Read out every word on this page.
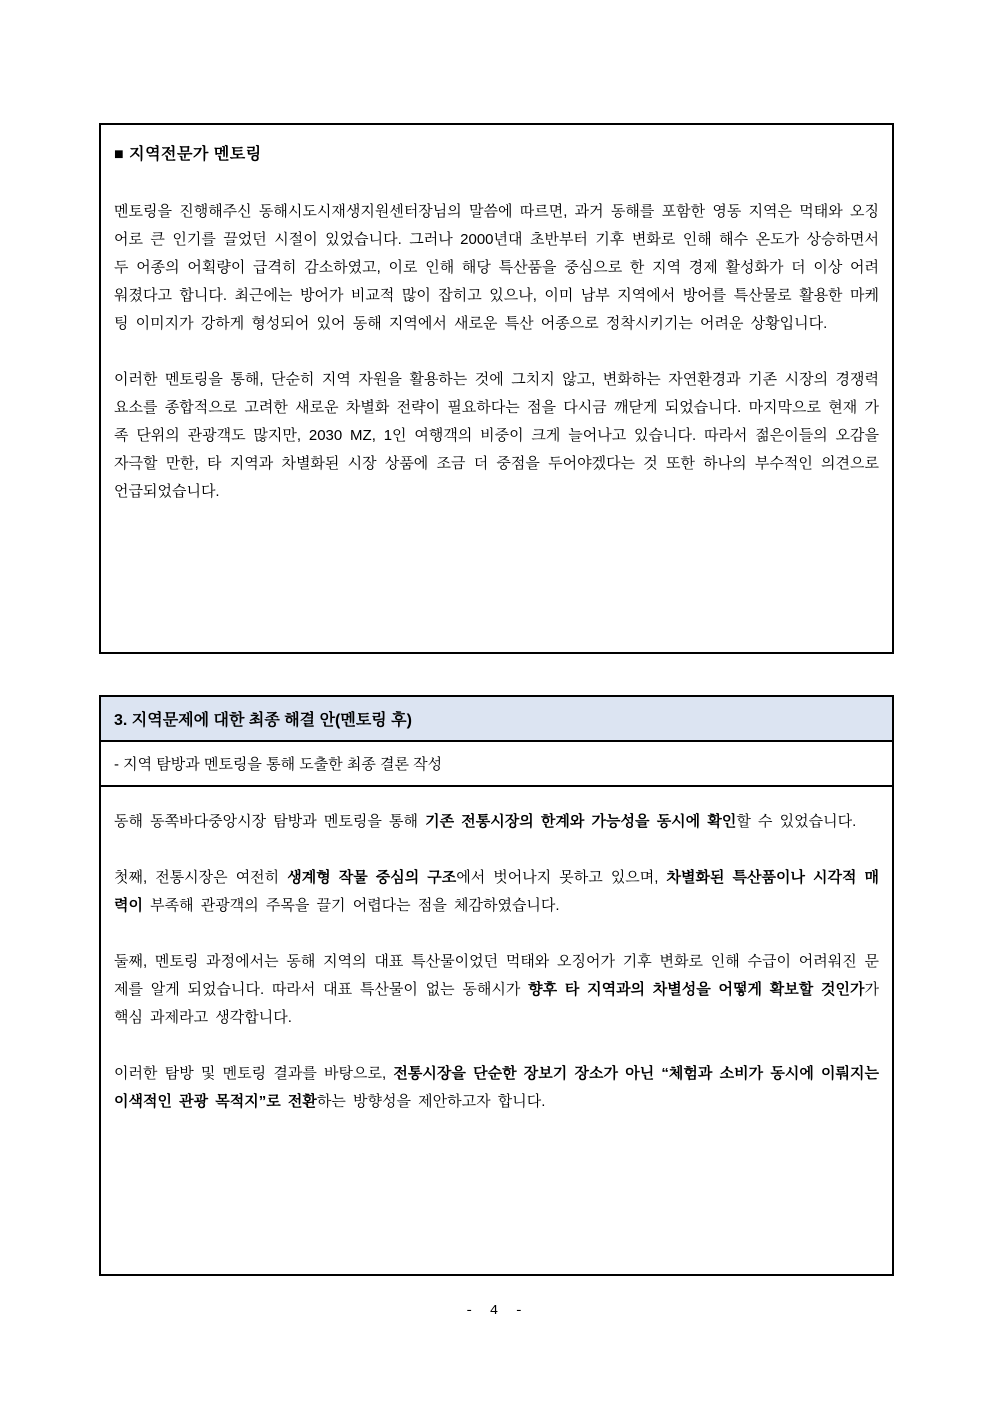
■ 지역전문가 멘토링

멘토링을 진행해주신 동해시도시재생지원센터장님의 말씀에 따르면, 과거 동해를 포함한 영동 지역은 먹태와 오징어로 큰 인기를 끌었던 시절이 있었습니다. 그러나 2000년대 초반부터 기후 변화로 인해 해수 온도가 상승하면서 두 어종의 어획량이 급격히 감소하였고, 이로 인해 해당 특산품을 중심으로 한 지역 경제 활성화가 더 이상 어려워졌다고 합니다. 최근에는 방어가 비교적 많이 잡히고 있으나, 이미 남부 지역에서 방어를 특산물로 활용한 마케팅 이미지가 강하게 형성되어 있어 동해 지역에서 새로운 특산 어종으로 정착시키기는 어려운 상황입니다.

이러한 멘토링을 통해, 단순히 지역 자원을 활용하는 것에 그치지 않고, 변화하는 자연환경과 기존 시장의 경쟁력 요소를 종합적으로 고려한 새로운 차별화 전략이 필요하다는 점을 다시금 깨닫게 되었습니다. 마지막으로 현재 가족 단위의 관광객도 많지만, 2030 MZ, 1인 여행객의 비중이 크게 늘어나고 있습니다. 따라서 젊은이들의 오감을 자극할 만한, 타 지역과 차별화된 시장 상품에 조금 더 중점을 두어야겠다는 것 또한 하나의 부수적인 의견으로 언급되었습니다.

3. 지역문제에 대한 최종 해결 안(멘토링 후)
- 지역 탐방과 멘토링을 통해 도출한 최종 결론 작성

동해 동쪽바다중앙시장 탐방과 멘토링을 통해 기존 전통시장의 한계와 가능성을 동시에 확인할 수 있었습니다.

첫째, 전통시장은 여전히 생계형 작물 중심의 구조에서 벗어나지 못하고 있으며, 차별화된 특산품이나 시각적 매력이 부족해 관광객의 주목을 끌기 어렵다는 점을 체감하였습니다.

둘째, 멘토링 과정에서는 동해 지역의 대표 특산물이었던 먹태와 오징어가 기후 변화로 인해 수급이 어려워진 문제를 알게 되었습니다. 따라서 대표 특산물이 없는 동해시가 향후 타 지역과의 차별성을 어떻게 확보할 것인가가 핵심 과제라고 생각합니다.

이러한 탐방 및 멘토링 결과를 바탕으로, 전통시장을 단순한 장보기 장소가 아닌 “체험과 소비가 동시에 이뤄지는 이색적인 관광 목적지”로 전환하는 방향성을 제안하고자 합니다.

- 4 -
